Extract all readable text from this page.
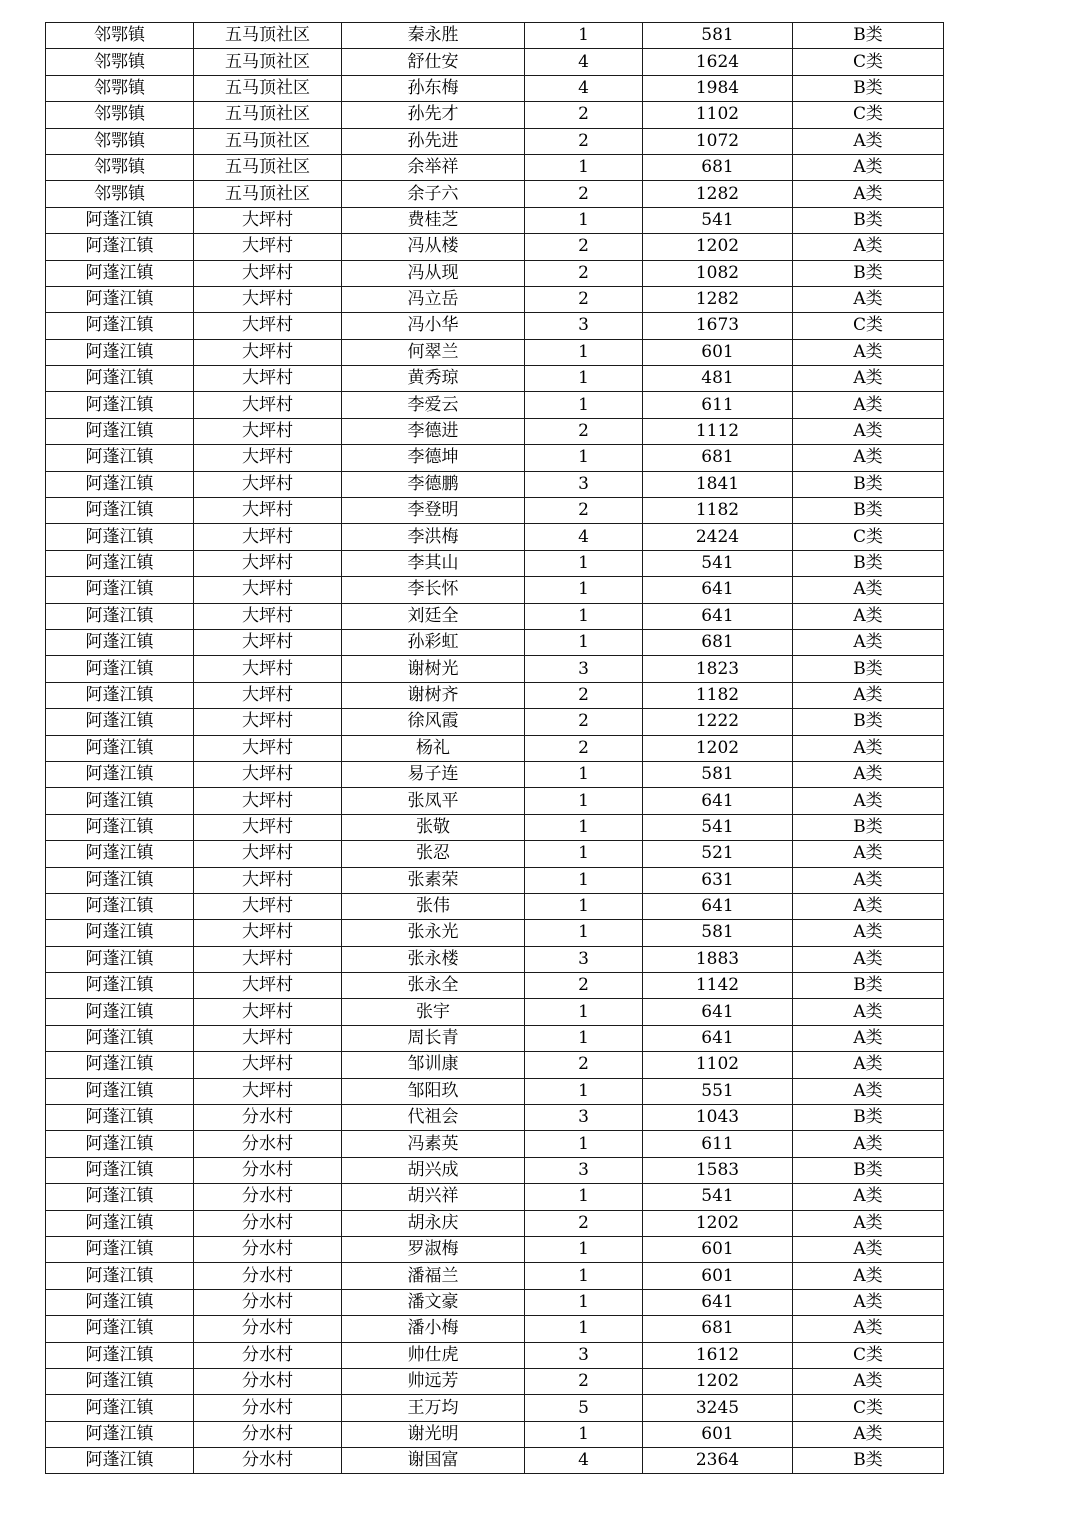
邻鄂镇	五马顶社区	秦永胜	1	581	B类
邻鄂镇	五马顶社区	舒仕安	4	1624	C类
邻鄂镇	五马顶社区	孙东梅	4	1984	B类
邻鄂镇	五马顶社区	孙先才	2	1102	C类
邻鄂镇	五马顶社区	孙先进	2	1072	A类
邻鄂镇	五马顶社区	余举祥	1	681	A类
邻鄂镇	五马顶社区	余子六	2	1282	A类
阿蓬江镇	大坪村	费桂芝	1	541	B类
阿蓬江镇	大坪村	冯从楼	2	1202	A类
阿蓬江镇	大坪村	冯从现	2	1082	B类
阿蓬江镇	大坪村	冯立岳	2	1282	A类
阿蓬江镇	大坪村	冯小华	3	1673	C类
阿蓬江镇	大坪村	何翠兰	1	601	A类
阿蓬江镇	大坪村	黄秀琼	1	481	A类
阿蓬江镇	大坪村	李爱云	1	611	A类
阿蓬江镇	大坪村	李德进	2	1112	A类
阿蓬江镇	大坪村	李德坤	1	681	A类
阿蓬江镇	大坪村	李德鹏	3	1841	B类
阿蓬江镇	大坪村	李登明	2	1182	B类
阿蓬江镇	大坪村	李洪梅	4	2424	C类
阿蓬江镇	大坪村	李其山	1	541	B类
阿蓬江镇	大坪村	李长怀	1	641	A类
阿蓬江镇	大坪村	刘廷全	1	641	A类
阿蓬江镇	大坪村	孙彩虹	1	681	A类
阿蓬江镇	大坪村	谢树光	3	1823	B类
阿蓬江镇	大坪村	谢树齐	2	1182	A类
阿蓬江镇	大坪村	徐风霞	2	1222	B类
阿蓬江镇	大坪村	杨礼	2	1202	A类
阿蓬江镇	大坪村	易子连	1	581	A类
阿蓬江镇	大坪村	张凤平	1	641	A类
阿蓬江镇	大坪村	张敬	1	541	B类
阿蓬江镇	大坪村	张忍	1	521	A类
阿蓬江镇	大坪村	张素荣	1	631	A类
阿蓬江镇	大坪村	张伟	1	641	A类
阿蓬江镇	大坪村	张永光	1	581	A类
阿蓬江镇	大坪村	张永楼	3	1883	A类
阿蓬江镇	大坪村	张永全	2	1142	B类
阿蓬江镇	大坪村	张宇	1	641	A类
阿蓬江镇	大坪村	周长青	1	641	A类
阿蓬江镇	大坪村	邹训康	2	1102	A类
阿蓬江镇	大坪村	邹阳玖	1	551	A类
阿蓬江镇	分水村	代祖会	3	1043	B类
阿蓬江镇	分水村	冯素英	1	611	A类
阿蓬江镇	分水村	胡兴成	3	1583	B类
阿蓬江镇	分水村	胡兴祥	1	541	A类
阿蓬江镇	分水村	胡永庆	2	1202	A类
阿蓬江镇	分水村	罗淑梅	1	601	A类
阿蓬江镇	分水村	潘福兰	1	601	A类
阿蓬江镇	分水村	潘文豪	1	641	A类
阿蓬江镇	分水村	潘小梅	1	681	A类
阿蓬江镇	分水村	帅仕虎	3	1612	C类
阿蓬江镇	分水村	帅远芳	2	1202	A类
阿蓬江镇	分水村	王万均	5	3245	C类
阿蓬江镇	分水村	谢光明	1	601	A类
阿蓬江镇	分水村	谢国富	4	2364	B类
